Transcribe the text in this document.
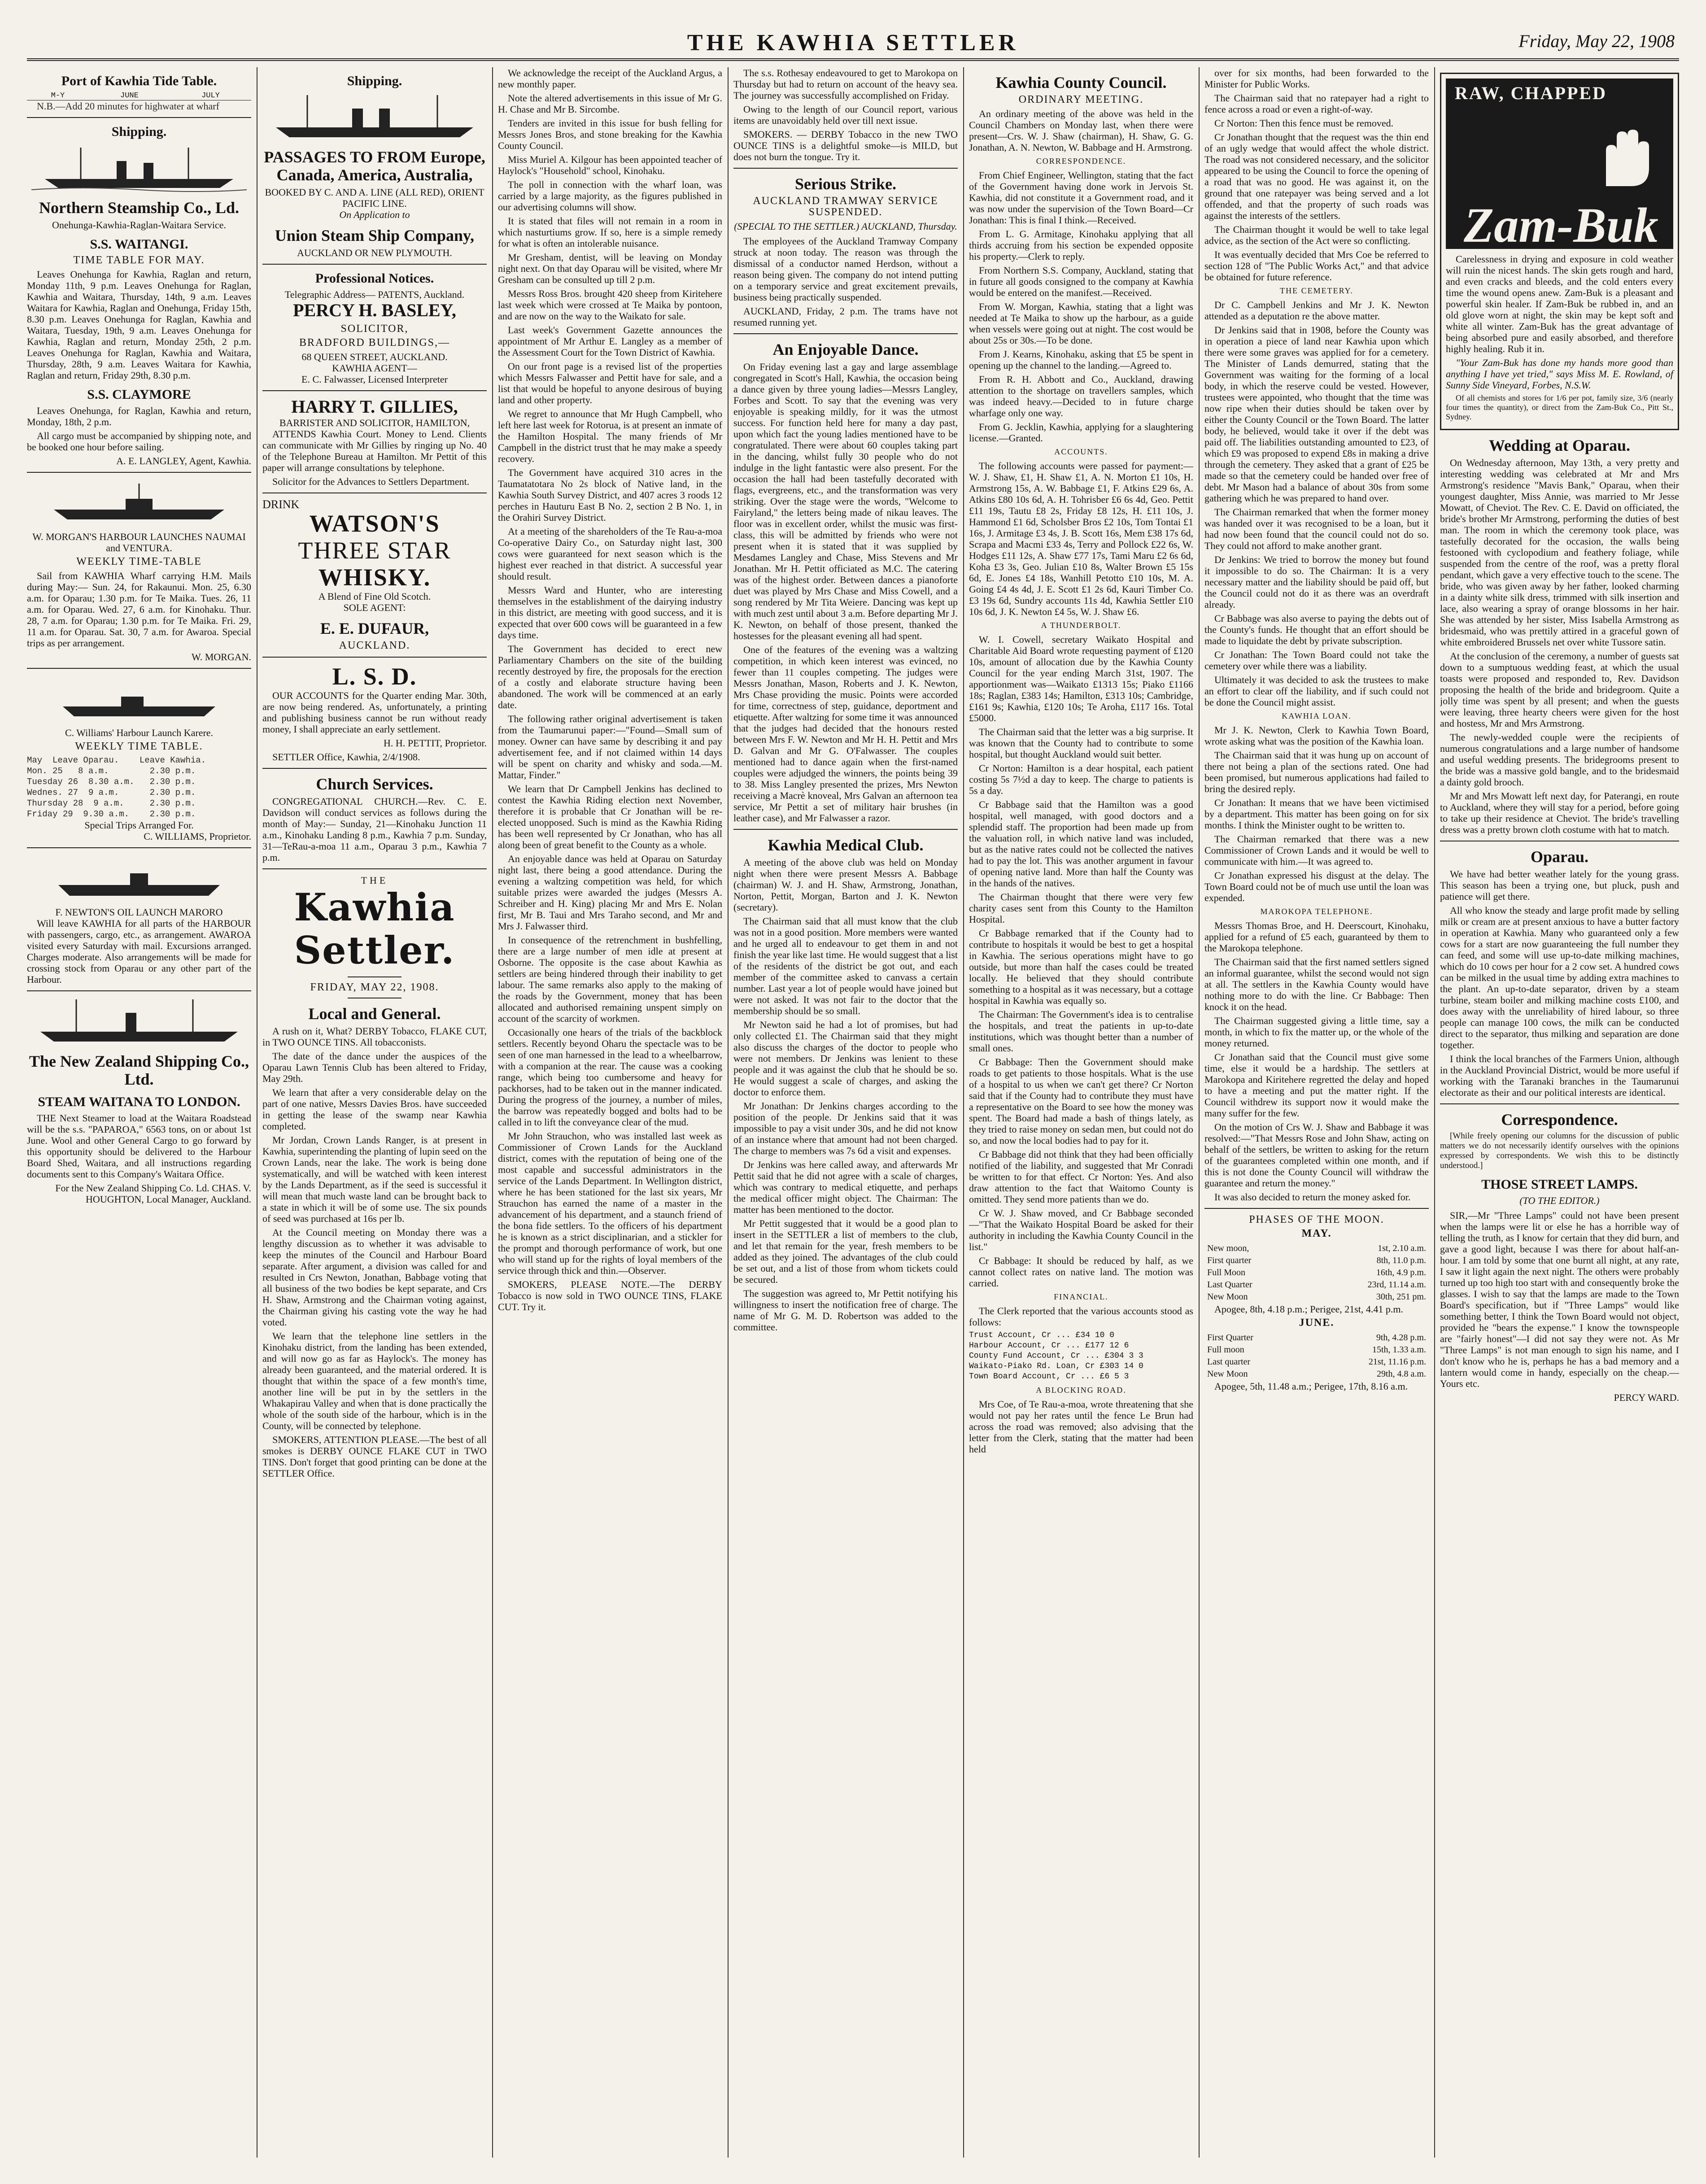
THE KAWHIA SETTLER	Friday, May 22, 1908
Port of Kawhia Tide Table.
M-Y	JUNE	JULY

N.B.—Add 20 minutes for highwater at wharf

Shipping.
Northern Steamship Co., Ld.
Onehunga-Kawhia-Raglan-Waitara Service.
S.S. WAITANGI.
TIME TABLE FOR MAY.

Leaves Onehunga for Kawhia, Raglan and return, Monday 11th, 9 p.m. Leaves Onehunga for Raglan, Kawhia and Waitara, Thursday, 14th, 9 a.m. Leaves Waitara for Kawhia, Raglan and Onehunga, Friday 15th, 8.30 p.m. Leaves Onehunga for Raglan, Kawhia and Waitara, Tuesday, 19th, 9 a.m. Leaves Onehunga for Kawhia, Raglan and return, Monday 25th, 2 p.m. Leaves Onehunga for Raglan, Kawhia and Waitara, Thursday, 28th, 9 a.m. Leaves Waitara for Kawhia, Raglan and return, Friday 29th, 8.30 p.m.

S.S. CLAYMORE

Leaves Onehunga, for Raglan, Kawhia and return, Monday, 18th, 2 p.m.

All cargo must be accompanied by shipping note, and be booked one hour before sailing.

A. E. LANGLEY, Agent, Kawhia.

W. MORGAN'S HARBOUR LAUNCHES NAUMAI and VENTURA.
WEEKLY TIME-TABLE

Sail from KAWHIA Wharf carrying H.M. Mails during May:— Sun. 24, for Rakaunui. Mon. 25, 6.30 a.m. for Oparau; 1.30 p.m. for Te Maika. Tues. 26, 11 a.m. for Oparau. Wed. 27, 6 a.m. for Kinohaku. Thur. 28, 7 a.m. for Oparau; 1.30 p.m. for Te Maika. Fri. 29, 11 a.m. for Oparau. Sat. 30, 7 a.m. for Awaroa. Special trips as per arrangement.

W. MORGAN.

C. Williams' Harbour Launch Karere.
WEEKLY TIME TABLE.
May  Leave Oparau.    Leave Kawhia.
Mon. 25   8 a.m.        2.30 p.m.
Tuesday 26  8.30 a.m.   2.30 p.m.
Wednes. 27  9 a.m.      2.30 p.m.
Thursday 28  9 a.m.     2.30 p.m.
Friday 29  9.30 a.m.    2.30 p.m.
Special Trips Arranged For.

C. WILLIAMS, Proprietor.

F. NEWTON'S OIL LAUNCH MARORO

Will leave KAWHIA for all parts of the HARBOUR with passengers, cargo, etc., as arrangement. AWAROA visited every Saturday with mail. Excursions arranged. Charges moderate. Also arrangements will be made for crossing stock from Oparau or any other part of the Harbour.

The New Zealand Shipping Co., Ltd.
STEAM WAITANA TO LONDON.

THE Next Steamer to load at the Waitara Roadstead will be the s.s. "PAPAROA," 6563 tons, on or about 1st June. Wool and other General Cargo to go forward by this opportunity should be delivered to the Harbour Board Shed, Waitara, and all instructions regarding documents sent to this Company's Waitara Office.

For the New Zealand Shipping Co. Ld. CHAS. V. HOUGHTON, Local Manager, Auckland.

Shipping.
PASSAGES TO FROM Europe, Canada, America, Australia,
BOOKED BY C. AND A. LINE (ALL RED), ORIENT PACIFIC LINE.
On Application to
Union Steam Ship Company,
AUCKLAND OR NEW PLYMOUTH.
Professional Notices.
Telegraphic Address— PATENTS, Auckland.
PERCY H. BASLEY,
SOLICITOR,
BRADFORD BUILDINGS,—
68 QUEEN STREET, AUCKLAND.
KAWHIA AGENT—
E. C. Falwasser, Licensed Interpreter
HARRY T. GILLIES,
BARRISTER AND SOLICITOR, HAMILTON,

ATTENDS Kawhia Court. Money to Lend. Clients can communicate with Mr Gillies by ringing up No. 40 of the Telephone Bureau at Hamilton. Mr Pettit of this paper will arrange consultations by telephone.

Solicitor for the Advances to Settlers Department.

DRINK
WATSON'S
THREE STAR
WHISKY.
A Blend of Fine Old Scotch.
SOLE AGENT:
E. E. DUFAUR,
AUCKLAND.
L. S. D.

OUR ACCOUNTS for the Quarter ending Mar. 30th, are now being rendered. As, unfortunately, a printing and publishing business cannot be run without ready money, I shall appreciate an early settlement.

H. H. PETTIT, Proprietor.

SETTLER Office, Kawhia, 2/4/1908.

Church Services.

CONGREGATIONAL CHURCH.—Rev. C. E. Davidson will conduct services as follows during the month of May:— Sunday, 21—Kinohaku Junction 11 a.m., Kinohaku Landing 8 p.m., Kawhia 7 p.m. Sunday, 31—TeRau-a-moa 11 a.m., Oparau 3 p.m., Kawhia 7 p.m.

THE
Kawhia Settler.
FRIDAY, MAY 22, 1908.
Local and General.

A rush on it, What? DERBY Tobacco, FLAKE CUT, in TWO OUNCE TINS. All tobacconists.

The date of the dance under the auspices of the Oparau Lawn Tennis Club has been altered to Friday, May 29th.

We learn that after a very considerable delay on the part of one native, Messrs Davies Bros. have succeeded in getting the lease of the swamp near Kawhia completed.

Mr Jordan, Crown Lands Ranger, is at present in Kawhia, superintending the planting of lupin seed on the Crown Lands, near the lake. The work is being done systematically, and will be watched with keen interest by the Lands Department, as if the seed is successful it will mean that much waste land can be brought back to a state in which it will be of some use. The six pounds of seed was purchased at 16s per lb.

At the Council meeting on Monday there was a lengthy discussion as to whether it was advisable to keep the minutes of the Council and Harbour Board separate. After argument, a division was called for and resulted in Crs Newton, Jonathan, Babbage voting that all business of the two bodies be kept separate, and Crs H. Shaw, Armstrong and the Chairman voting against, the Chairman giving his casting vote the way he had voted.

We learn that the telephone line settlers in the Kinohaku district, from the landing has been extended, and will now go as far as Haylock's. The money has already been guaranteed, and the material ordered. It is thought that within the space of a few month's time, another line will be put in by the settlers in the Whakapirau Valley and when that is done practically the whole of the south side of the harbour, which is in the County, will be connected by telephone.

SMOKERS, ATTENTION PLEASE.—The best of all smokes is DERBY OUNCE FLAKE CUT in TWO TINS. Don't forget that good printing can be done at the SETTLER Office.

We acknowledge the receipt of the Auckland Argus, a new monthly paper.

Note the altered advertisements in this issue of Mr G. H. Chase and Mr B. Sircombe.

Tenders are invited in this issue for bush felling for Messrs Jones Bros, and stone breaking for the Kawhia County Council.

Miss Muriel A. Kilgour has been appointed teacher of Haylock's "Household" school, Kinohaku.

The poll in connection with the wharf loan, was carried by a large majority, as the figures published in our advertising columns will show.

It is stated that files will not remain in a room in which nasturtiums grow. If so, here is a simple remedy for what is often an intolerable nuisance.

Mr Gresham, dentist, will be leaving on Monday night next. On that day Oparau will be visited, where Mr Gresham can be consulted up till 2 p.m.

Messrs Ross Bros. brought 420 sheep from Kiritehere last week which were crossed at Te Maika by pontoon, and are now on the way to the Waikato for sale.

Last week's Government Gazette announces the appointment of Mr Arthur E. Langley as a member of the Assessment Court for the Town District of Kawhia.

On our front page is a revised list of the properties which Messrs Falwasser and Pettit have for sale, and a list that would be hopeful to anyone desirous of buying land and other property.

We regret to announce that Mr Hugh Campbell, who left here last week for Rotorua, is at present an inmate of the Hamilton Hospital. The many friends of Mr Campbell in the district trust that he may make a speedy recovery.

The Government have acquired 310 acres in the Taumatatotara No 2s block of Native land, in the Kawhia South Survey District, and 407 acres 3 roods 12 perches in Hauturu East B No. 2, section 2 B No. 1, in the Orahiri Survey District.

At a meeting of the shareholders of the Te Rau-a-moa Co-operative Dairy Co., on Saturday night last, 300 cows were guaranteed for next season which is the highest ever reached in that district. A successful year should result.

Messrs Ward and Hunter, who are interesting themselves in the establishment of the dairying industry in this district, are meeting with good success, and it is expected that over 600 cows will be guaranteed in a few days time.

The Government has decided to erect new Parliamentary Chambers on the site of the building recently destroyed by fire, the proposals for the erection of a costly and elaborate structure having been abandoned. The work will be commenced at an early date.

The following rather original advertisement is taken from the Taumarunui paper:—"Found—Small sum of money. Owner can have same by describing it and pay advertisement fee, and if not claimed within 14 days will be spent on charity and whisky and soda.—M. Mattar, Finder."

We learn that Dr Campbell Jenkins has declined to contest the Kawhia Riding election next November, therefore it is probable that Cr Jonathan will be re-elected unopposed. Such is mind as the Kawhia Riding has been well represented by Cr Jonathan, who has all along been of great benefit to the County as a whole.

An enjoyable dance was held at Oparau on Saturday night last, there being a good attendance. During the evening a waltzing competition was held, for which suitable prizes were awarded the judges (Messrs A. Schreiber and H. King) placing Mr and Mrs E. Nolan first, Mr B. Taui and Mrs Taraho second, and Mr and Mrs J. Falwasser third.

In consequence of the retrenchment in bushfelling, there are a large number of men idle at present at Osborne. The opposite is the case about Kawhia as settlers are being hindered through their inability to get labour. The same remarks also apply to the making of the roads by the Government, money that has been allocated and authorised remaining unspent simply on account of the scarcity of workmen.

Occasionally one hears of the trials of the backblock settlers. Recently beyond Oharu the spectacle was to be seen of one man harnessed in the lead to a wheelbarrow, with a companion at the rear. The cause was a cooking range, which being too cumbersome and heavy for packhorses, had to be taken out in the manner indicated. During the progress of the journey, a number of miles, the barrow was repeatedly bogged and bolts had to be called in to lift the conveyance clear of the mud.

Mr John Strauchon, who was installed last week as Commissioner of Crown Lands for the Auckland district, comes with the reputation of being one of the most capable and successful administrators in the service of the Lands Department. In Wellington district, where he has been stationed for the last six years, Mr Strauchon has earned the name of a master in the advancement of his department, and a staunch friend of the bona fide settlers. To the officers of his department he is known as a strict disciplinarian, and a stickler for the prompt and thorough performance of work, but one who will stand up for the rights of loyal members of the service through thick and thin.—Observer.

SMOKERS, PLEASE NOTE.—The DERBY Tobacco is now sold in TWO OUNCE TINS, FLAKE CUT. Try it.

The s.s. Rothesay endeavoured to get to Marokopa on Thursday but had to return on account of the heavy sea. The journey was successfully accomplished on Friday.

Owing to the length of our Council report, various items are unavoidably held over till next issue.

SMOKERS. — DERBY Tobacco in the new TWO OUNCE TINS is a delightful smoke—is MILD, but does not burn the tongue. Try it.

Serious Strike.
AUCKLAND TRAMWAY SERVICE SUSPENDED.
(SPECIAL TO THE SETTLER.) AUCKLAND, Thursday.

The employees of the Auckland Tramway Company struck at noon today. The reason was through the dismissal of a conductor named Herdson, without a reason being given. The company do not intend putting on a temporary service and great excitement prevails, business being practically suspended.

AUCKLAND, Friday, 2 p.m. The trams have not resumed running yet.

An Enjoyable Dance.

On Friday evening last a gay and large assemblage congregated in Scott's Hall, Kawhia, the occasion being a dance given by three young ladies—Messrs Langley, Forbes and Scott. To say that the evening was very enjoyable is speaking mildly, for it was the utmost success. For function held here for many a day past, upon which fact the young ladies mentioned have to be congratulated. There were about 60 couples taking part in the dancing, whilst fully 30 people who do not indulge in the light fantastic were also present. For the occasion the hall had been tastefully decorated with flags, evergreens, etc., and the transformation was very striking. Over the stage were the words, "Welcome to Fairyland," the letters being made of nikau leaves. The floor was in excellent order, whilst the music was first-class, this will be admitted by friends who were not present when it is stated that it was supplied by Mesdames Langley and Chase, Miss Stevens and Mr Jonathan. Mr H. Pettit officiated as M.C. The catering was of the highest order. Between dances a pianoforte duet was played by Mrs Chase and Miss Cowell, and a song rendered by Mr Tita Weiere. Dancing was kept up with much zest until about 3 a.m. Before departing Mr J. K. Newton, on behalf of those present, thanked the hostesses for the pleasant evening all had spent.

One of the features of the evening was a waltzing competition, in which keen interest was evinced, no fewer than 11 couples competing. The judges were Messrs Jonathan, Mason, Roberts and J. K. Newton, Mrs Chase providing the music. Points were accorded for time, correctness of step, guidance, deportment and etiquette. After waltzing for some time it was announced that the judges had decided that the honours rested between Mrs F. W. Newton and Mr H. H. Pettit and Mrs D. Galvan and Mr G. O'Falwasser. The couples mentioned had to dance again when the first-named couples were adjudged the winners, the points being 39 to 38. Miss Langley presented the prizes, Mrs Newton receiving a Macrè knoveal, Mrs Galvan an afternoon tea service, Mr Pettit a set of military hair brushes (in leather case), and Mr Falwasser a razor.

Kawhia Medical Club.

A meeting of the above club was held on Monday night when there were present Messrs A. Babbage (chairman) W. J. and H. Shaw, Armstrong, Jonathan, Norton, Pettit, Morgan, Barton and J. K. Newton (secretary).

The Chairman said that all must know that the club was not in a good position. More members were wanted and he urged all to endeavour to get them in and not finish the year like last time. He would suggest that a list of the residents of the district be got out, and each member of the committee asked to canvass a certain number. Last year a lot of people would have joined but were not asked. It was not fair to the doctor that the membership should be so small.

Mr Newton said he had a lot of promises, but had only collected £1. The Chairman said that they might also discuss the charges of the doctor to people who were not members. Dr Jenkins was lenient to these people and it was against the club that he should be so. He would suggest a scale of charges, and asking the doctor to enforce them.

Mr Jonathan: Dr Jenkins charges according to the position of the people. Dr Jenkins said that it was impossible to pay a visit under 30s, and he did not know of an instance where that amount had not been charged. The charge to members was 7s 6d a visit and expenses.

Dr Jenkins was here called away, and afterwards Mr Pettit said that he did not agree with a scale of charges, which was contrary to medical etiquette, and perhaps the medical officer might object. The Chairman: The matter has been mentioned to the doctor.

Mr Pettit suggested that it would be a good plan to insert in the SETTLER a list of members to the club, and let that remain for the year, fresh members to be added as they joined. The advantages of the club could be set out, and a list of those from whom tickets could be secured.

The suggestion was agreed to, Mr Pettit notifying his willingness to insert the notification free of charge. The name of Mr G. M. D. Robertson was added to the committee.

Kawhia County Council.
ORDINARY MEETING.

An ordinary meeting of the above was held in the Council Chambers on Monday last, when there were present—Crs. W. J. Shaw (chairman), H. Shaw, G. G. Jonathan, A. N. Newton, W. Babbage and H. Armstrong.

CORRESPONDENCE.

From Chief Engineer, Wellington, stating that the fact of the Government having done work in Jervois St. Kawhia, did not constitute it a Government road, and it was now under the supervision of the Town Board—Cr Jonathan: This is final I think.—Received.

From L. G. Armitage, Kinohaku applying that all thirds accruing from his section be expended opposite his property.—Clerk to reply.

From Northern S.S. Company, Auckland, stating that in future all goods consigned to the company at Kawhia would be entered on the manifest.—Received.

From W. Morgan, Kawhia, stating that a light was needed at Te Maika to show up the harbour, as a guide when vessels were going out at night. The cost would be about 25s or 30s.—To be done.

From J. Kearns, Kinohaku, asking that £5 be spent in opening up the channel to the landing.—Agreed to.

From R. H. Abbott and Co., Auckland, drawing attention to the shortage on travellers samples, which was indeed heavy.—Decided to in future charge wharfage only one way.

From G. Jecklin, Kawhia, applying for a slaughtering license.—Granted.

ACCOUNTS.

The following accounts were passed for payment:—W. J. Shaw, £1, H. Shaw £1, A. N. Morton £1 10s, H. Armstrong 15s, A. W. Babbage £1, F. Atkins £29 6s, A. Atkins £80 10s 6d, A. H. Tohrisber £6 6s 4d, Geo. Pettit £11 19s, Tautu £8 2s, Friday £8 12s, H. £11 10s, J. Hammond £1 6d, Scholsber Bros £2 10s, Tom Tontai £1 16s, J. Armitage £3 4s, J. B. Scott 16s, Mem £38 17s 6d, Scrapa and Macmi £33 4s, Terry and Pollock £22 6s, W. Hodges £11 12s, A. Shaw £77 17s, Tami Maru £2 6s 6d, Koha £3 3s, Geo. Julian £10 8s, Walter Brown £5 15s 6d, E. Jones £4 18s, Wanhill Petotto £10 10s, M. A. Going £4 4s 4d, J. E. Scott £1 2s 6d, Kauri Timber Co. £3 19s 6d, Sundry accounts 11s 4d, Kawhia Settler £10 10s 6d, J. K. Newton £4 5s, W. J. Shaw £6.

A THUNDERBOLT.

W. I. Cowell, secretary Waikato Hospital and Charitable Aid Board wrote requesting payment of £120 10s, amount of allocation due by the Kawhia County Council for the year ending March 31st, 1907. The apportionment was—Waikato £1313 15s; Piako £1166 18s; Raglan, £383 14s; Hamilton, £313 10s; Cambridge, £161 9s; Kawhia, £120 10s; Te Aroha, £117 16s. Total £5000.

The Chairman said that the letter was a big surprise. It was known that the County had to contribute to some hospital, but thought Auckland would suit better.

Cr Norton: Hamilton is a dear hospital, each patient costing 5s 7½d a day to keep. The charge to patients is 5s a day.

Cr Babbage said that the Hamilton was a good hospital, well managed, with good doctors and a splendid staff. The proportion had been made up from the valuation roll, in which native land was included, but as the native rates could not be collected the natives had to pay the lot. This was another argument in favour of opening native land. More than half the County was in the hands of the natives.

The Chairman thought that there were very few charity cases sent from this County to the Hamilton Hospital.

Cr Babbage remarked that if the County had to contribute to hospitals it would be best to get a hospital in Kawhia. The serious operations might have to go outside, but more than half the cases could be treated locally. He believed that they should contribute something to a hospital as it was necessary, but a cottage hospital in Kawhia was equally so.

The Chairman: The Government's idea is to centralise the hospitals, and treat the patients in up-to-date institutions, which was thought better than a number of small ones.

Cr Babbage: Then the Government should make roads to get patients to those hospitals. What is the use of a hospital to us when we can't get there? Cr Norton said that if the County had to contribute they must have a representative on the Board to see how the money was spent. The Board had made a bash of things lately, as they tried to raise money on sedan men, but could not do so, and now the local bodies had to pay for it.

Cr Babbage did not think that they had been officially notified of the liability, and suggested that Mr Conradi be written to for that effect. Cr Norton: Yes. And also draw attention to the fact that Waitomo County is omitted. They send more patients than we do.

Cr W. J. Shaw moved, and Cr Babbage seconded—"That the Waikato Hospital Board be asked for their authority in including the Kawhia County Council in the list."

Cr Babbage: It should be reduced by half, as we cannot collect rates on native land. The motion was carried.

FINANCIAL.

The Clerk reported that the various accounts stood as follows:

Trust Account, Cr ... £34 10 0
Harbour Account, Cr ... £177 12 6
County Fund Account, Cr ... £304 3 3
Waikato-Piako Rd. Loan, Cr £303 14 0
Town Board Account, Cr ... £6 5 3
A BLOCKING ROAD.

Mrs Coe, of Te Rau-a-moa, wrote threatening that she would not pay her rates until the fence Le Brun had across the road was removed; also advising that the letter from the Clerk, stating that the matter had been held

over for six months, had been forwarded to the Minister for Public Works.

The Chairman said that no ratepayer had a right to fence across a road or even a right-of-way.

Cr Norton: Then this fence must be removed.

Cr Jonathan thought that the request was the thin end of an ugly wedge that would affect the whole district. The road was not considered necessary, and the solicitor appeared to be using the Council to force the opening of a road that was no good. He was against it, on the ground that one ratepayer was being served and a lot offended, and that the property of such roads was against the interests of the settlers.

The Chairman thought it would be well to take legal advice, as the section of the Act were so conflicting.

It was eventually decided that Mrs Coe be referred to section 128 of "The Public Works Act," and that advice be obtained for future reference.

THE CEMETERY.

Dr C. Campbell Jenkins and Mr J. K. Newton attended as a deputation re the above matter.

Dr Jenkins said that in 1908, before the County was in operation a piece of land near Kawhia upon which there were some graves was applied for for a cemetery. The Minister of Lands demurred, stating that the Government was waiting for the forming of a local body, in which the reserve could be vested. However, trustees were appointed, who thought that the time was now ripe when their duties should be taken over by either the County Council or the Town Board. The latter body, he believed, would take it over if the debt was paid off. The liabilities outstanding amounted to £23, of which £9 was proposed to expend £8s in making a drive through the cemetery. They asked that a grant of £25 be made so that the cemetery could be handed over free of debt. Mr Mason had a balance of about 30s from some gathering which he was prepared to hand over.

The Chairman remarked that when the former money was handed over it was recognised to be a loan, but it had now been found that the council could not do so. They could not afford to make another grant.

Dr Jenkins: We tried to borrow the money but found it impossible to do so. The Chairman: It is a very necessary matter and the liability should be paid off, but the Council could not do it as there was an overdraft already.

Cr Babbage was also averse to paying the debts out of the County's funds. He thought that an effort should be made to liquidate the debt by private subscription.

Cr Jonathan: The Town Board could not take the cemetery over while there was a liability.

Ultimately it was decided to ask the trustees to make an effort to clear off the liability, and if such could not be done the Council might assist.

KAWHIA LOAN.

Mr J. K. Newton, Clerk to Kawhia Town Board, wrote asking what was the position of the Kawhia loan.

The Chairman said that it was hung up on account of there not being a plan of the sections rated. One had been promised, but numerous applications had failed to bring the desired reply.

Cr Jonathan: It means that we have been victimised by a department. This matter has been going on for six months. I think the Minister ought to be written to.

The Chairman remarked that there was a new Commissioner of Crown Lands and it would be well to communicate with him.—It was agreed to.

Cr Jonathan expressed his disgust at the delay. The Town Board could not be of much use until the loan was expended.

MAROKOPA TELEPHONE.

Messrs Thomas Broe, and H. Deerscourt, Kinohaku, applied for a refund of £5 each, guaranteed by them to the Marokopa telephone.

The Chairman said that the first named settlers signed an informal guarantee, whilst the second would not sign at all. The settlers in the Kawhia County would have nothing more to do with the line. Cr Babbage: Then knock it on the head.

The Chairman suggested giving a little time, say a month, in which to fix the matter up, or the whole of the money returned.

Cr Jonathan said that the Council must give some time, else it would be a hardship. The settlers at Marokopa and Kiritehere regretted the delay and hoped to have a meeting and put the matter right. If the Council withdrew its support now it would make the many suffer for the few.

On the motion of Crs W. J. Shaw and Babbage it was resolved:—"That Messrs Rose and John Shaw, acting on behalf of the settlers, be written to asking for the return of the guarantees completed within one month, and if this is not done the County Council will withdraw the guarantee and return the money."

It was also decided to return the money asked for.

PHASES OF THE MOON.
MAY.
New moon,	1st, 2.10 a.m.
First quarter	8th, 11.0 p.m.
Full Moon	16th, 4.9 p.m.
Last Quarter	23rd, 11.14 a.m.
New Moon	30th, 251 pm.

Apogee, 8th, 4.18 p.m.; Perigee, 21st, 4.41 p.m.

JUNE.
First Quarter	9th, 4.28 p.m.
Full moon	15th, 1.33 a.m.
Last quarter	21st, 11.16 p.m.
New Moon	29th, 4.8 a.m.

Apogee, 5th, 11.48 a.m.; Perigee, 17th, 8.16 a.m.

RAW, CHAPPED
Zam-Buk

Carelessness in drying and exposure in cold weather will ruin the nicest hands. The skin gets rough and hard, and even cracks and bleeds, and the cold enters every time the wound opens anew. Zam-Buk is a pleasant and powerful skin healer. If Zam-Buk be rubbed in, and an old glove worn at night, the skin may be kept soft and white all winter. Zam-Buk has the great advantage of being absorbed pure and easily absorbed, and therefore highly healing. Rub it in.

"Your Zam-Buk has done my hands more good than anything I have yet tried," says Miss M. E. Rowland, of Sunny Side Vineyard, Forbes, N.S.W.

Of all chemists and stores for 1/6 per pot, family size, 3/6 (nearly four times the quantity), or direct from the Zam-Buk Co., Pitt St., Sydney.

Wedding at Oparau.

On Wednesday afternoon, May 13th, a very pretty and interesting wedding was celebrated at Mr and Mrs Armstrong's residence "Mavis Bank," Oparau, when their youngest daughter, Miss Annie, was married to Mr Jesse Mowatt, of Cheviot. The Rev. C. E. David on officiated, the bride's brother Mr Armstrong, performing the duties of best man. The room in which the ceremony took place, was tastefully decorated for the occasion, the walls being festooned with cyclopodium and feathery foliage, while suspended from the centre of the roof, was a pretty floral pendant, which gave a very effective touch to the scene. The bride, who was given away by her father, looked charming in a dainty white silk dress, trimmed with silk insertion and lace, also wearing a spray of orange blossoms in her hair. She was attended by her sister, Miss Isabella Armstrong as bridesmaid, who was prettily attired in a graceful gown of white embroidered Brussels net over white Tussore satin.

At the conclusion of the ceremony, a number of guests sat down to a sumptuous wedding feast, at which the usual toasts were proposed and responded to, Rev. Davidson proposing the health of the bride and bridegroom. Quite a jolly time was spent by all present; and when the guests were leaving, three hearty cheers were given for the host and hostess, Mr and Mrs Armstrong.

The newly-wedded couple were the recipients of numerous congratulations and a large number of handsome and useful wedding presents. The bridegrooms present to the bride was a massive gold bangle, and to the bridesmaid a dainty gold brooch.

Mr and Mrs Mowatt left next day, for Paterangi, en route to Auckland, where they will stay for a period, before going to take up their residence at Cheviot. The bride's travelling dress was a pretty brown cloth costume with hat to match.

Oparau.

We have had better weather lately for the young grass. This season has been a trying one, but pluck, push and patience will get there.

All who know the steady and large profit made by selling milk or cream are at present anxious to have a butter factory in operation at Kawhia. Many who guaranteed only a few cows for a start are now guaranteeing the full number they can feed, and some will use up-to-date milking machines, which do 10 cows per hour for a 2 cow set. A hundred cows can be milked in the usual time by adding extra machines to the plant. An up-to-date separator, driven by a steam turbine, steam boiler and milking machine costs £100, and does away with the unreliability of hired labour, so three people can manage 100 cows, the milk can be conducted direct to the separator, thus milking and separation are done together.

I think the local branches of the Farmers Union, although in the Auckland Provincial District, would be more useful if working with the Taranaki branches in the Taumarunui electorate as their and our political interests are identical.

Correspondence.

[While freely opening our columns for the discussion of public matters we do not necessarily identify ourselves with the opinions expressed by correspondents. We wish this to be distinctly understood.]

THOSE STREET LAMPS.
(TO THE EDITOR.)

SIR,—Mr "Three Lamps" could not have been present when the lamps were lit or else he has a horrible way of telling the truth, as I know for certain that they did burn, and gave a good light, because I was there for about half-an-hour. I am told by some that one burnt all night, at any rate, I saw it light again the next night. The others were probably turned up too high too start with and consequently broke the glasses. I wish to say that the lamps are made to the Town Board's specification, but if "Three Lamps" would like something better, I think the Town Board would not object, provided he "bears the expense." I know the townspeople are "fairly honest"—I did not say they were not. As Mr "Three Lamps" is not man enough to sign his name, and I don't know who he is, perhaps he has a bad memory and a lantern would come in handy, especially on the cheap.—Yours etc.

PERCY WARD.
